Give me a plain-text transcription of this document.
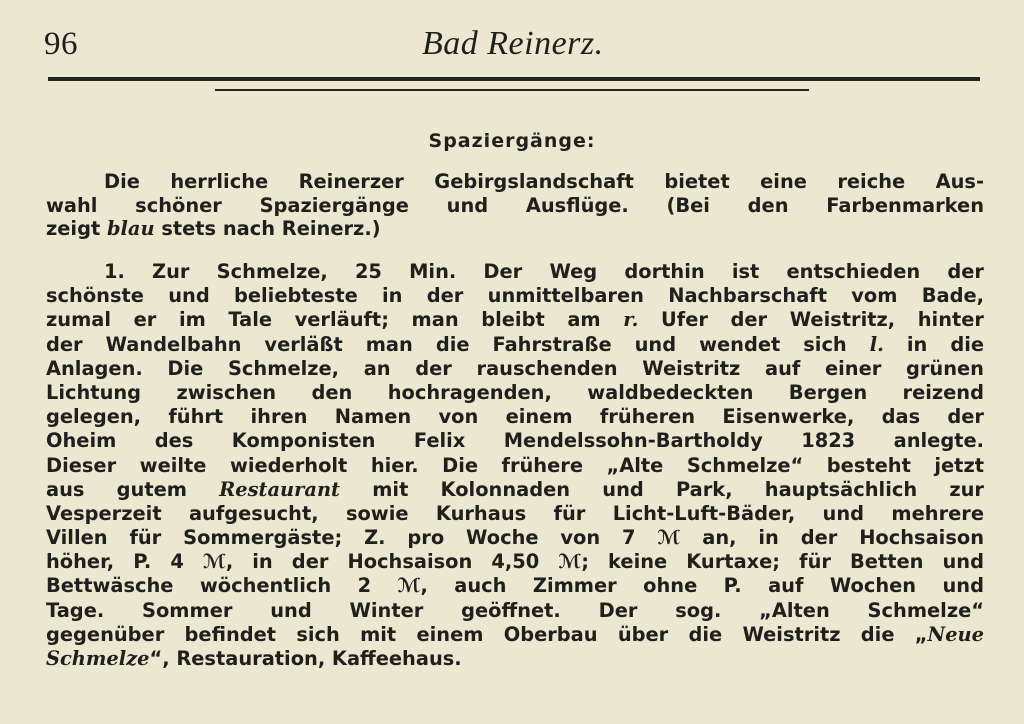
96	Bad Reinerz.
Spaziergänge:
Die herrliche Reinerzer Gebirgslandschaft bietet eine reiche Aus-
wahl schöner Spaziergänge und Ausflüge. (Bei den Farbenmarken
zeigt blau stets nach Reinerz.)
1. Zur Schmelze, 25 Min. Der Weg dorthin ist entschieden der
schönste und beliebteste in der unmittelbaren Nachbarschaft vom Bade,
zumal er im Tale verläuft; man bleibt am r. Ufer der Weistritz, hinter
der Wandelbahn verläßt man die Fahrstraße und wendet sich l. in die
Anlagen. Die Schmelze, an der rauschenden Weistritz auf einer grünen
Lichtung zwischen den hochragenden, waldbedeckten Bergen reizend
gelegen, führt ihren Namen von einem früheren Eisenwerke, das der
Oheim des Komponisten Felix Mendelssohn-Bartholdy 1823 anlegte.
Dieser weilte wiederholt hier. Die frühere „Alte Schmelze“ besteht jetzt
aus gutem Restaurant mit Kolonnaden und Park, hauptsächlich zur
Vesperzeit aufgesucht, sowie Kurhaus für Licht-Luft-Bäder, und mehrere
Villen für Sommergäste; Z. pro Woche von 7 ℳ an, in der Hochsaison
höher, P. 4 ℳ, in der Hochsaison 4,50 ℳ; keine Kurtaxe; für Betten und
Bettwäsche wöchentlich 2 ℳ, auch Zimmer ohne P. auf Wochen und
Tage. Sommer und Winter geöffnet. Der sog. „Alten Schmelze“
gegenüber befindet sich mit einem Oberbau über die Weistritz die „Neue
Schmelze“, Restauration, Kaffeehaus.
